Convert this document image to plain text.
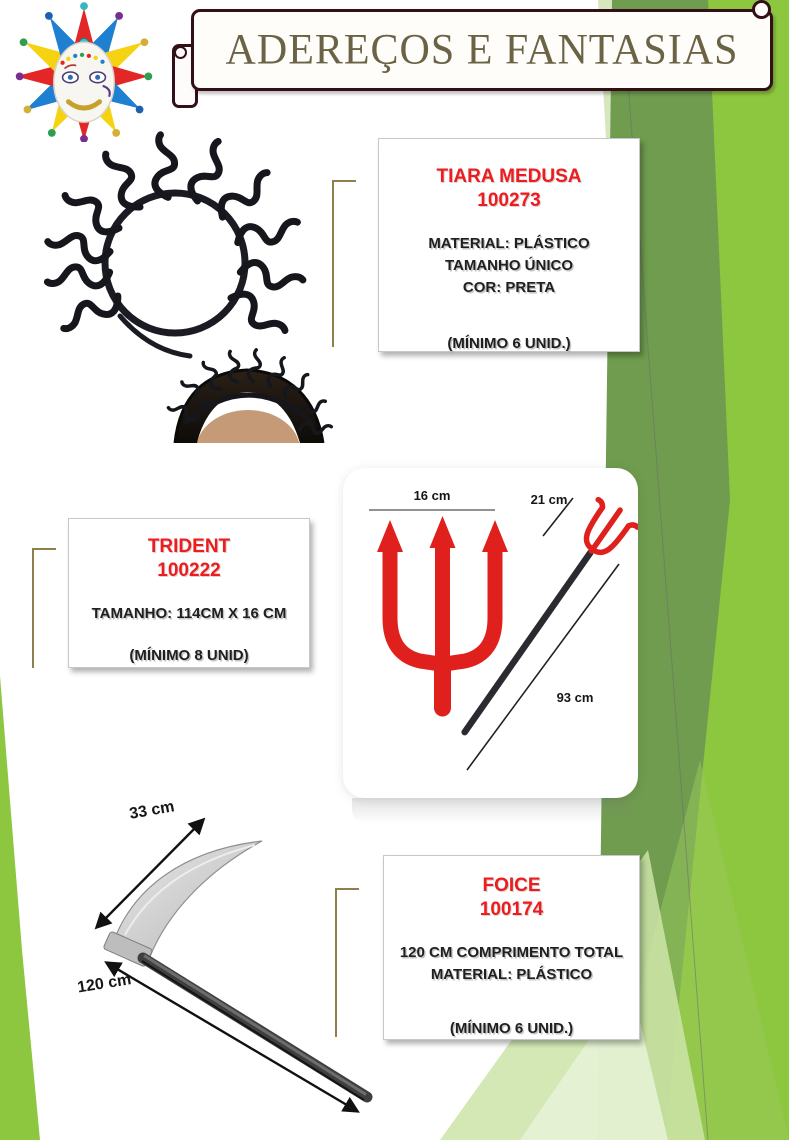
ADEREÇOS E FANTASIAS
TIARA MEDUSA
100273
MATERIAL: PLÁSTICO
TAMANHO ÚNICO
COR: PRETA
(MÍNIMO 6 UNID.)
TRIDENT
100222
TAMANHO: 114CM X 16 CM
(MÍNIMO 8 UNID)
16 cm	21 cm
93 cm
33 cm
120 cm
FOICE
100174
120 CM COMPRIMENTO TOTAL
MATERIAL: PLÁSTICO
(MÍNIMO 6 UNID.)
